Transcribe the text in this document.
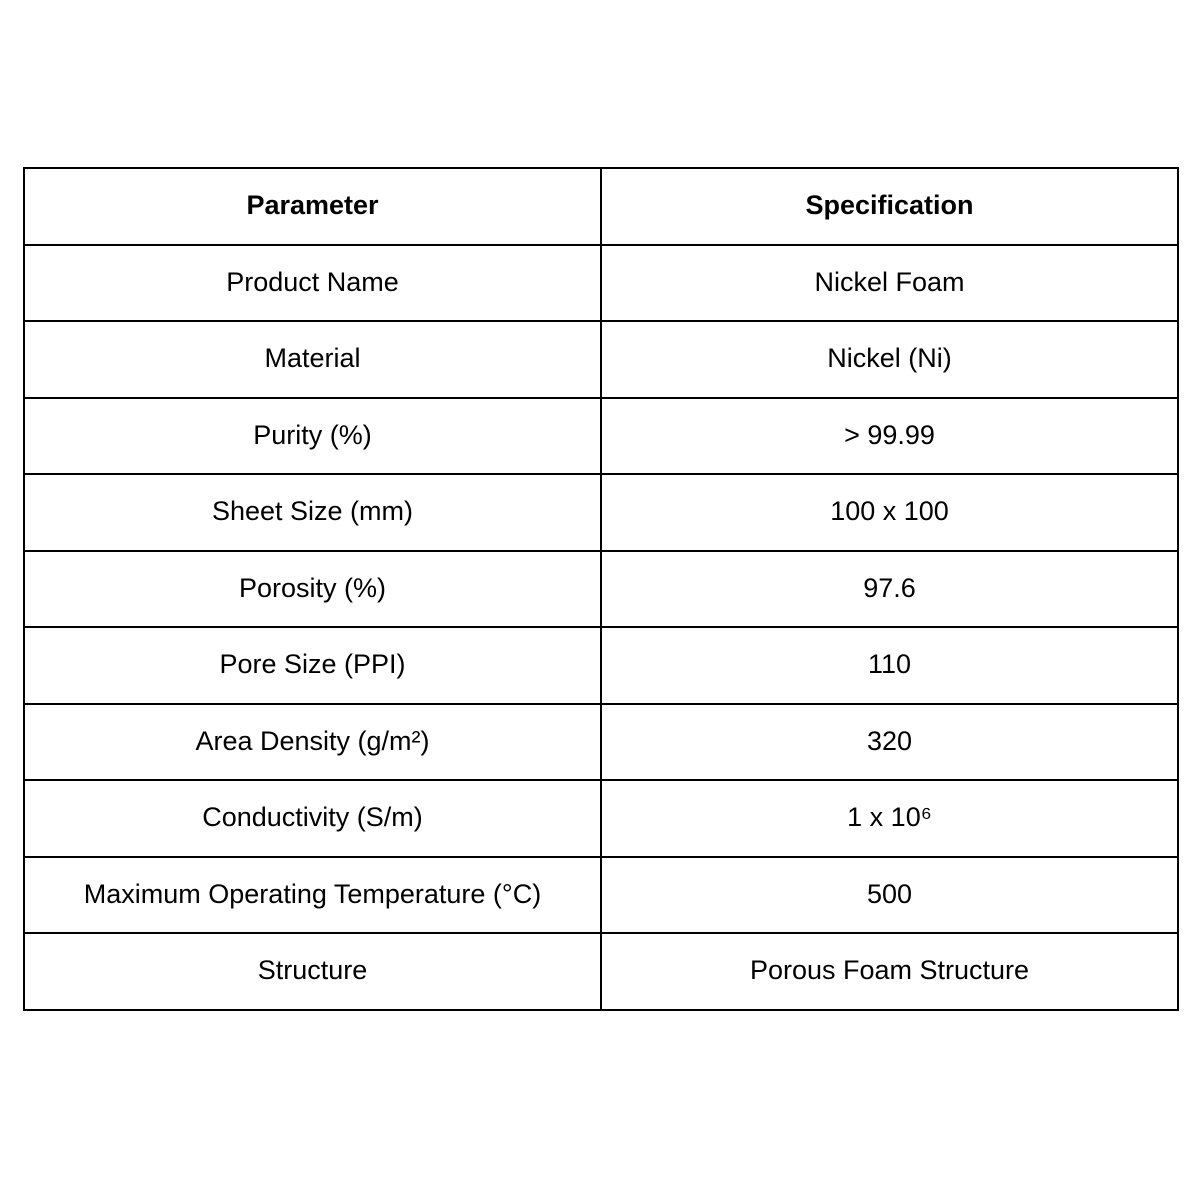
Parameter	Specification
Product Name	Nickel Foam
Material	Nickel (Ni)
Purity (%)	> 99.99
Sheet Size (mm)	100 x 100
Porosity (%)	97.6
Pore Size (PPI)	110
Area Density (g/m²)	320
Conductivity (S/m)	1 x 10⁶
Maximum Operating Temperature (°C)	500
Structure	Porous Foam Structure
